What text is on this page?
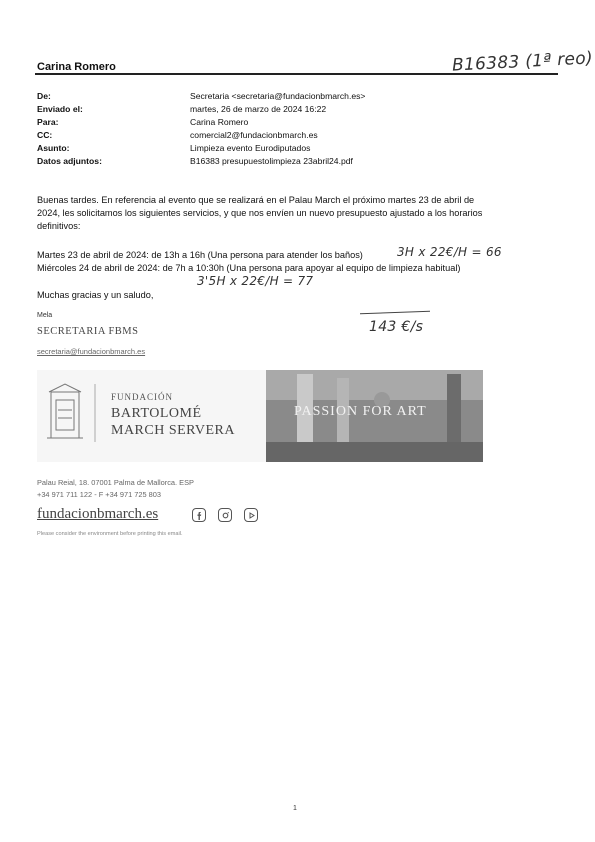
Carina Romero	B16383 (1ª reo)
De:	Secretaria <secretaria@fundacionbmarch.es>
Enviado el:	martes, 26 de marzo de 2024 16:22
Para:	Carina Romero
CC:	comercial2@fundacionbmarch.es
Asunto:	Limpieza evento Eurodiputados
Datos adjuntos:	B16383 presupuestolimpieza 23abril24.pdf
Buenas tardes. En referencia al evento que se realizará en el Palau March el próximo martes 23 de abril de
2024, les solicitamos los siguientes servicios, y que nos envíen un nuevo presupuesto ajustado a los horarios
definitivos:
Martes 23 de abril de 2024: de 13h a 16h (Una persona para atender los baños)	3H x 22€/H = 66
Miércoles 24 de abril de 2024: de 7h a 10:30h (Una persona para apoyar al equipo de limpieza habitual)
3'5H x 22€/H = 77
Muchas gracias y un saludo,
143 €/s
Mela
SECRETARIA FBMS
secretaria@fundacionbmarch.es
FUNDACIÓN
BARTOLOMÉ
MARCH SERVERA
PASSION FOR ART
Palau Reial, 18. 07001 Palma de Mallorca. ESP
+34 971 711 122 - F +34 971 725 803
fundacionbmarch.es
Please consider the environment before printing this email.
1
